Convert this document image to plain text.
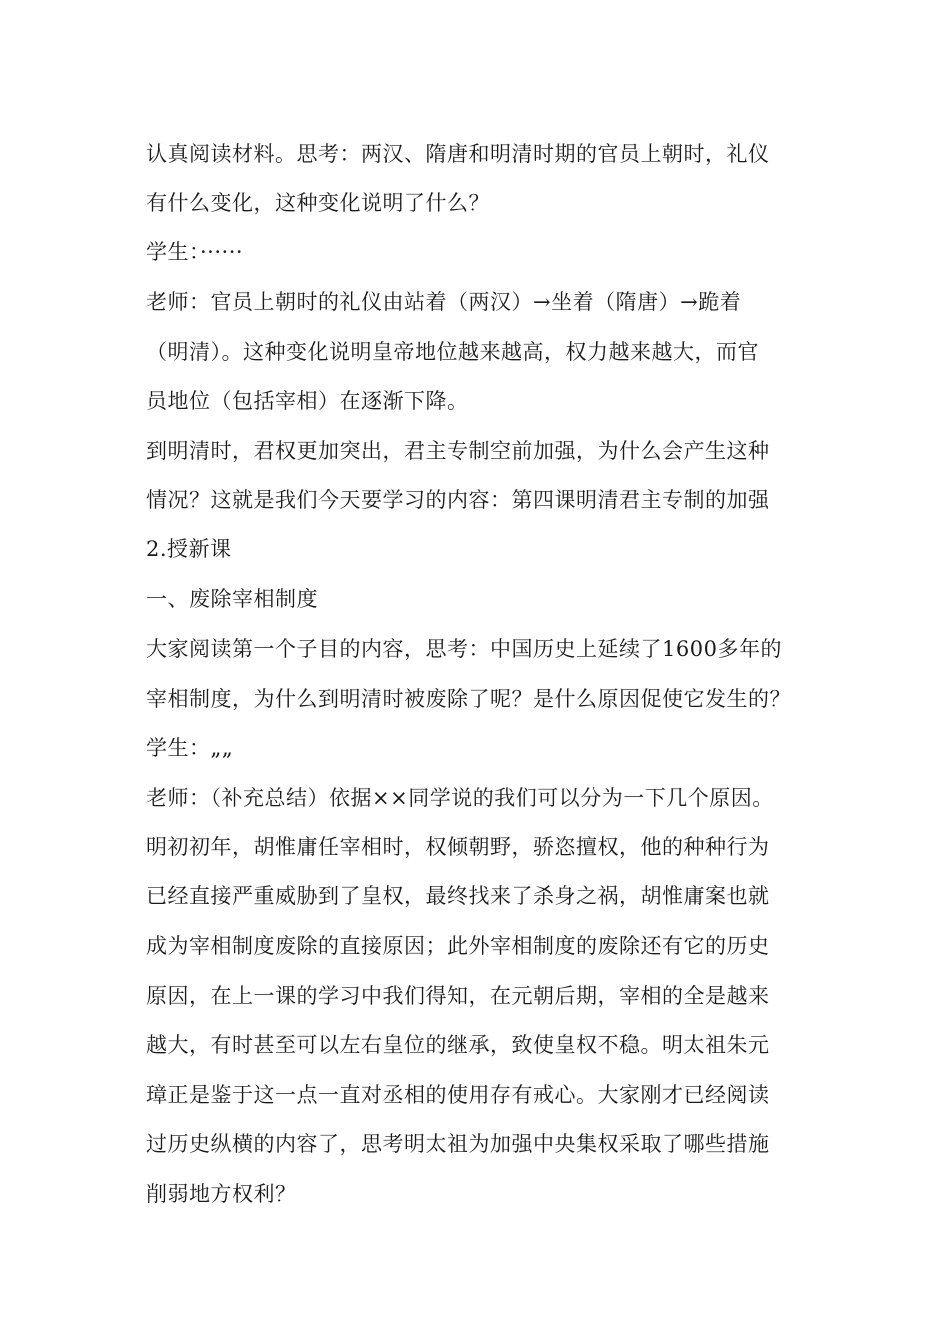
认真阅读材料。思考：两汉、隋唐和明清时期的官员上朝时，礼仪
有什么变化，这种变化说明了什么？
学生：······
老师：官员上朝时的礼仪由站着（两汉）→坐着（隋唐）→跪着
（明清）。这种变化说明皇帝地位越来越高，权力越来越大，而官
员地位（包括宰相）在逐渐下降。
到明清时，君权更加突出，君主专制空前加强，为什么会产生这种
情况？这就是我们今天要学习的内容：第四课明清君主专制的加强
2.授新课
一、废除宰相制度
大家阅读第一个子目的内容，思考：中国历史上延续了1600多年的
宰相制度，为什么到明清时被废除了呢？是什么原因促使它发生的？
学生：„„
老师：（补充总结）依据××同学说的我们可以分为一下几个原因。
明初初年，胡惟庸任宰相时，权倾朝野，骄恣擅权，他的种种行为
已经直接严重威胁到了皇权，最终找来了杀身之祸，胡惟庸案也就
成为宰相制度废除的直接原因；此外宰相制度的废除还有它的历史
原因，在上一课的学习中我们得知，在元朝后期，宰相的全是越来
越大，有时甚至可以左右皇位的继承，致使皇权不稳。明太祖朱元
璋正是鉴于这一点一直对丞相的使用存有戒心。大家刚才已经阅读
过历史纵横的内容了，思考明太祖为加强中央集权采取了哪些措施
削弱地方权利？
